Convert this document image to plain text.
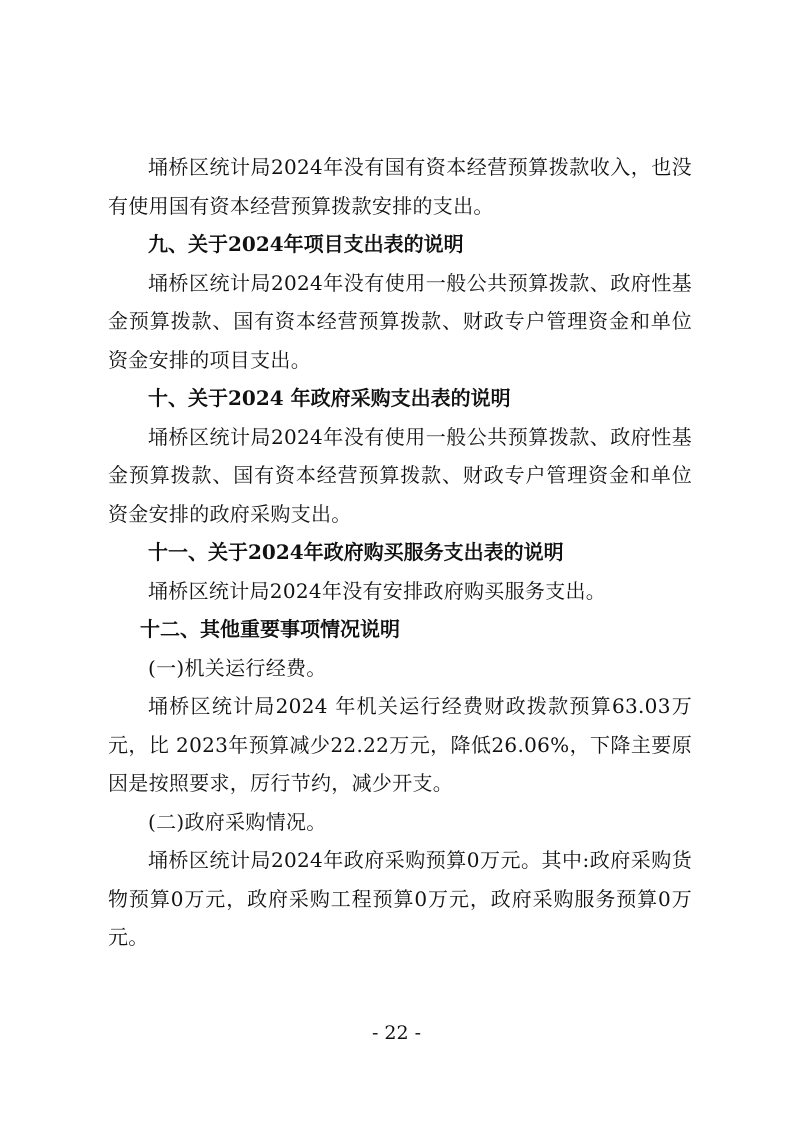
埇桥区统计局2024年没有国有资本经营预算拨款收入，也没有使用国有资本经营预算拨款安排的支出。

九、关于2024年项目支出表的说明

埇桥区统计局2024年没有使用一般公共预算拨款、政府性基金预算拨款、国有资本经营预算拨款、财政专户管理资金和单位资金安排的项目支出。

十、关于2024 年政府采购支出表的说明

埇桥区统计局2024年没有使用一般公共预算拨款、政府性基金预算拨款、国有资本经营预算拨款、财政专户管理资金和单位资金安排的政府采购支出。

十一、关于2024年政府购买服务支出表的说明

埇桥区统计局2024年没有安排政府购买服务支出。

十二、其他重要事项情况说明

(一)机关运行经费。

埇桥区统计局2024 年机关运行经费财政拨款预算63.03万元，比 2023年预算减少22.22万元，降低26.06%，下降主要原因是按照要求，厉行节约，减少开支。

(二)政府采购情况。

埇桥区统计局2024年政府采购预算0万元。其中:政府采购货物预算0万元，政府采购工程预算0万元，政府采购服务预算0万元。

- 22 -
